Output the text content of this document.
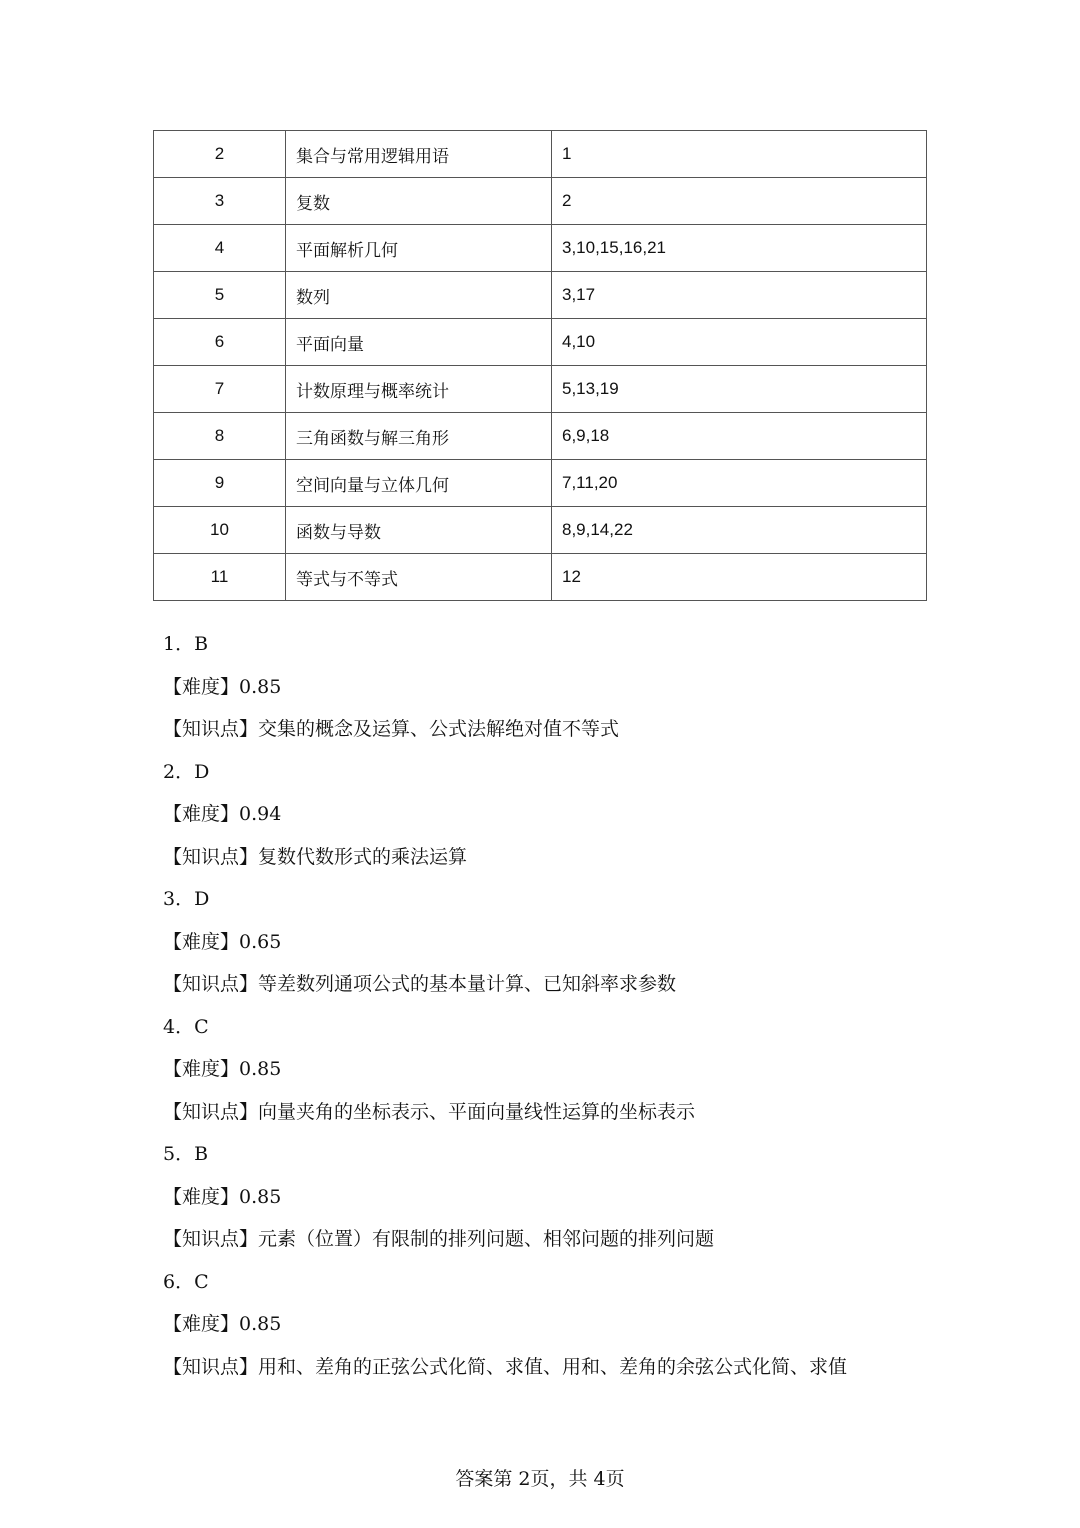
2	集合与常用逻辑用语	1
3	复数	2
4	平面解析几何	3,10,15,16,21
5	数列	3,17
6	平面向量	4,10
7	计数原理与概率统计	5,13,19
8	三角函数与解三角形	6,9,18
9	空间向量与立体几何	7,11,20
10	函数与导数	8,9,14,22
11	等式与不等式	12
1．B
【难度】0.85
【知识点】交集的概念及运算、公式法解绝对值不等式
2．D
【难度】0.94
【知识点】复数代数形式的乘法运算
3．D
【难度】0.65
【知识点】等差数列通项公式的基本量计算、已知斜率求参数
4．C
【难度】0.85
【知识点】向量夹角的坐标表示、平面向量线性运算的坐标表示
5．B
【难度】0.85
【知识点】元素（位置）有限制的排列问题、相邻问题的排列问题
6．C
【难度】0.85
【知识点】用和、差角的正弦公式化简、求值、用和、差角的余弦公式化简、求值
答案第 2页，共 4页
